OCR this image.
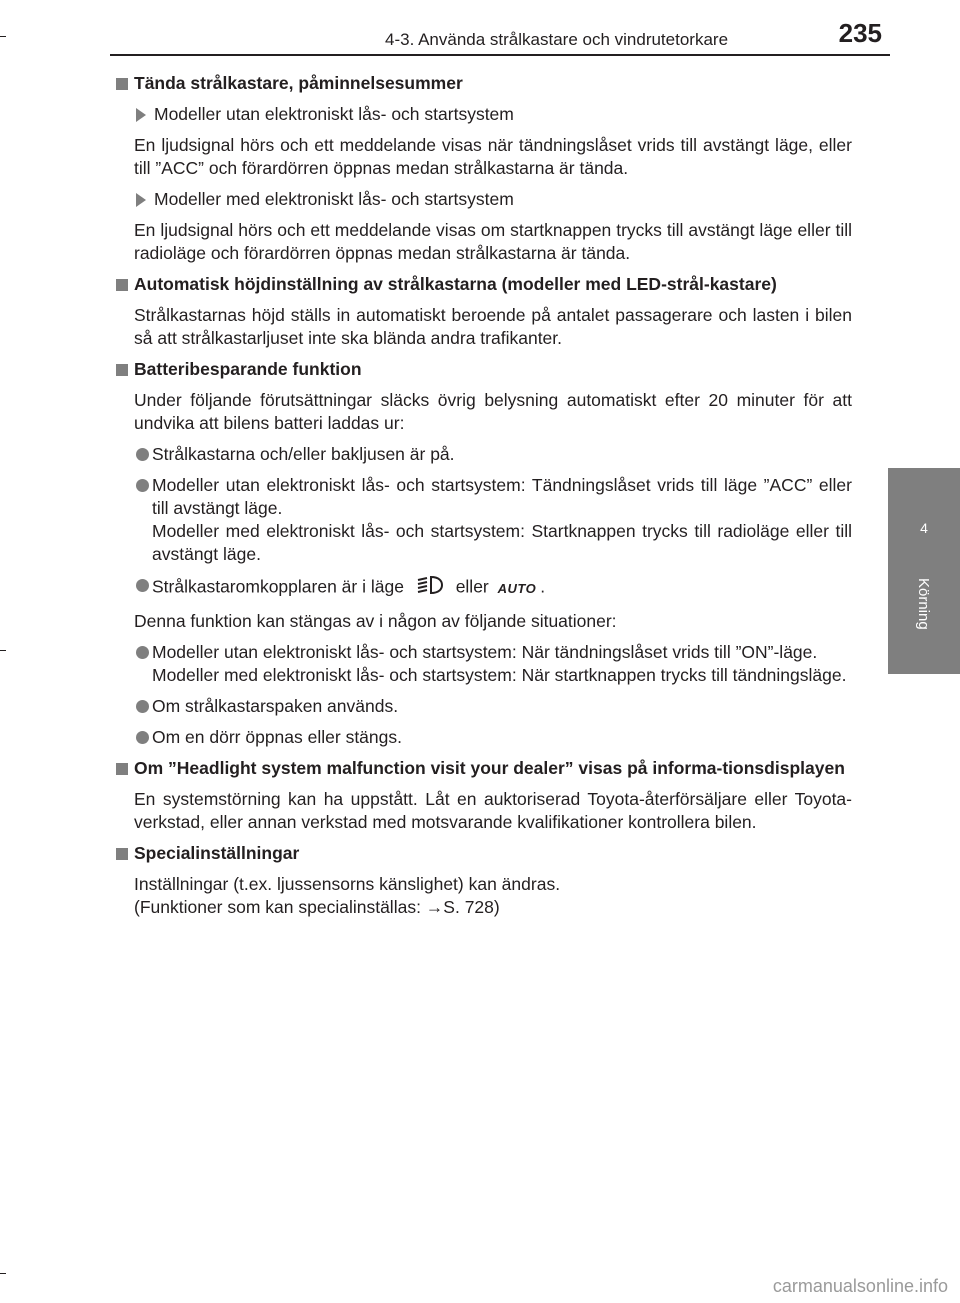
4-3. Använda strålkastare och vindrutetorkare	235
4
Körning
Tända strålkastare, påminnelsesummer
Modeller utan elektroniskt lås- och startsystem
En ljudsignal hörs och ett meddelande visas när tändningslåset vrids till avstängt läge, eller till ”ACC” och förardörren öppnas medan strålkastarna är tända.
Modeller med elektroniskt lås- och startsystem
En ljudsignal hörs och ett meddelande visas om startknappen trycks till avstängt läge eller till radioläge och förardörren öppnas medan strålkastarna är tända.
Automatisk höjdinställning av strålkastarna (modeller med LED-strål-kastare)
Strålkastarnas höjd ställs in automatiskt beroende på antalet passagerare och lasten i bilen så att strålkastarljuset inte ska blända andra trafikanter.
Batteribesparande funktion
Under följande förutsättningar släcks övrig belysning automatiskt efter 20 minuter för att undvika att bilens batteri laddas ur:
Strålkastarna och/eller bakljusen är på.
Modeller utan elektroniskt lås- och startsystem: Tändningslåset vrids till läge ”ACC” eller till avstängt läge.
Modeller med elektroniskt lås- och startsystem: Startknappen trycks till radioläge eller till avstängt läge.
Strålkastaromkopplaren är i läge	eller AUTO .
Denna funktion kan stängas av i någon av följande situationer:
Modeller utan elektroniskt lås- och startsystem: När tändningslåset vrids till ”ON”-läge.
Modeller med elektroniskt lås- och startsystem: När startknappen trycks till tändningsläge.
Om strålkastarspaken används.
Om en dörr öppnas eller stängs.
Om ”Headlight system malfunction visit your dealer” visas på informa-tionsdisplayen
En systemstörning kan ha uppstått. Låt en auktoriserad Toyota-återförsäljare eller Toyota-verkstad, eller annan verkstad med motsvarande kvalifikationer kontrollera bilen.
Specialinställningar
Inställningar (t.ex. ljussensorns känslighet) kan ändras.
(Funktioner som kan specialinställas: →S. 728)
carmanualsonline.info
